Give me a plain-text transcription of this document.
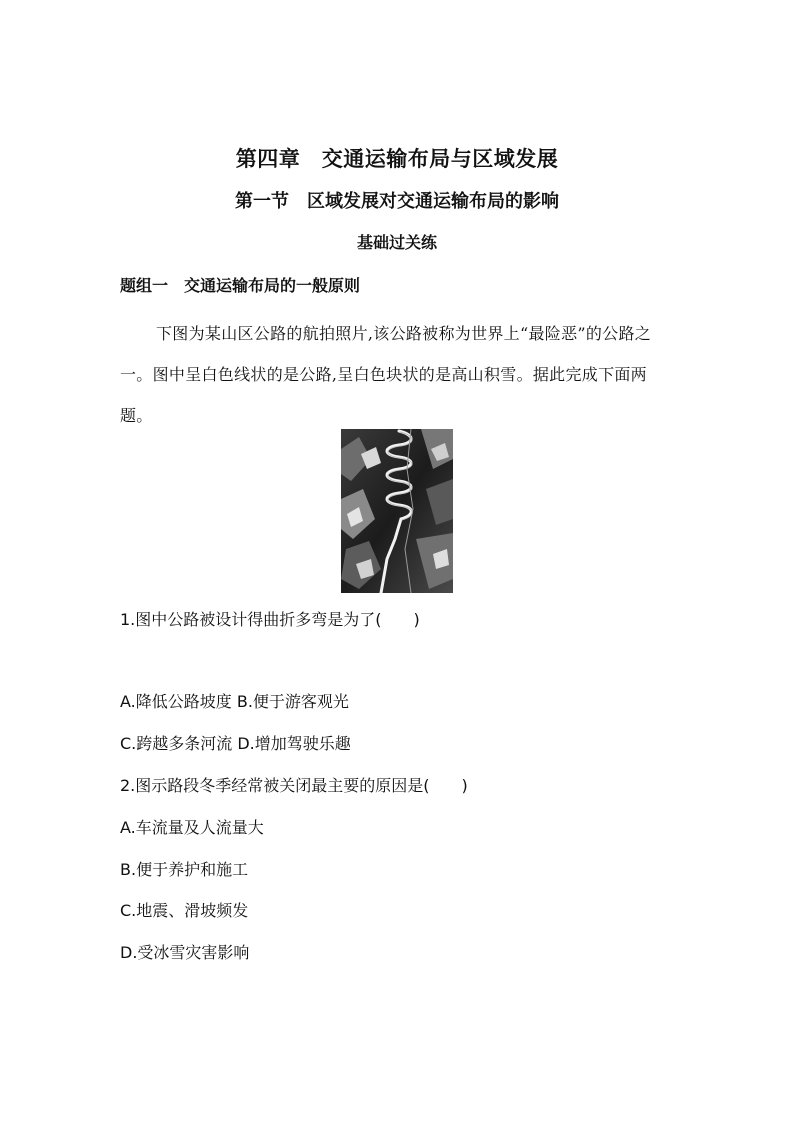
第四章　交通运输布局与区域发展
第一节　区域发展对交通运输布局的影响
基础过关练
题组一　交通运输布局的一般原则
下图为某山区公路的航拍照片,该公路被称为世界上“最险恶”的公路之一。图中呈白色线状的是公路,呈白色块状的是高山积雪。据此完成下面两题。
1.图中公路被设计得曲折多弯是为了(　　)
A.降低公路坡度 B.便于游客观光
C.跨越多条河流 D.增加驾驶乐趣
2.图示路段冬季经常被关闭最主要的原因是(　　)
A.车流量及人流量大
B.便于养护和施工
C.地震、滑坡频发
D.受冰雪灾害影响
